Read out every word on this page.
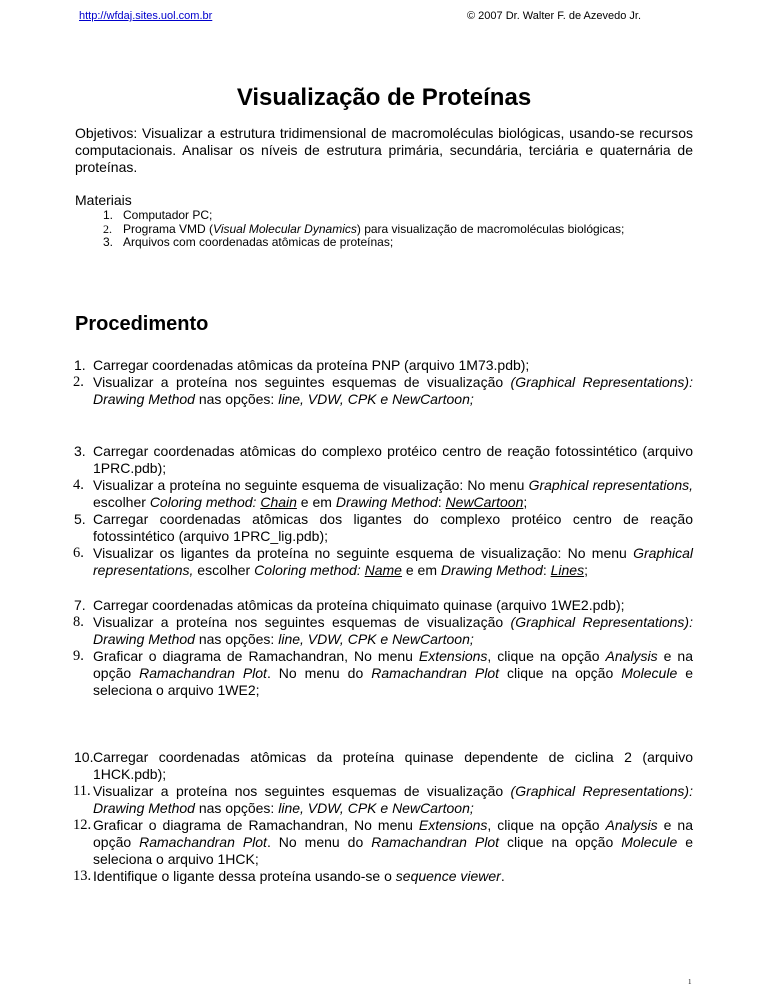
http://wfdaj.sites.uol.com.br	© 2007 Dr. Walter F. de Azevedo Jr.
Visualização de Proteínas
Objetivos: Visualizar a estrutura tridimensional de macromoléculas biológicas, usando-se recursos computacionais. Analisar os níveis de estrutura primária, secundária, terciária e quaternária de proteínas.
Materiais
1. Computador PC;
2. Programa VMD (Visual Molecular Dynamics) para visualização de macromoléculas biológicas;
3. Arquivos com coordenadas atômicas de proteínas;
Procedimento
1. Carregar coordenadas atômicas da proteína PNP (arquivo 1M73.pdb);
2. Visualizar a proteína nos seguintes esquemas de visualização (Graphical Representations): Drawing Method nas opções: line, VDW, CPK e NewCartoon;
3. Carregar coordenadas atômicas do complexo protéico centro de reação fotossintético (arquivo 1PRC.pdb);
4. Visualizar a proteína no seguinte esquema de visualização: No menu Graphical representations, escolher Coloring method: Chain e em Drawing Method: NewCartoon;
5. Carregar coordenadas atômicas dos ligantes do complexo protéico centro de reação fotossintético (arquivo 1PRC_lig.pdb);
6. Visualizar os ligantes da proteína no seguinte esquema de visualização: No menu Graphical representations, escolher Coloring method: Name e em Drawing Method: Lines;
7. Carregar coordenadas atômicas da proteína chiquimato quinase (arquivo 1WE2.pdb);
8. Visualizar a proteína nos seguintes esquemas de visualização (Graphical Representations): Drawing Method nas opções: line, VDW, CPK e NewCartoon;
9. Graficar o diagrama de Ramachandran, No menu Extensions, clique na opção Analysis e na opção Ramachandran Plot. No menu do Ramachandran Plot clique na opção Molecule e seleciona o arquivo 1WE2;
10. Carregar coordenadas atômicas da proteína quinase dependente de ciclina 2 (arquivo 1HCK.pdb);
11. Visualizar a proteína nos seguintes esquemas de visualização (Graphical Representations): Drawing Method nas opções: line, VDW, CPK e NewCartoon;
12. Graficar o diagrama de Ramachandran, No menu Extensions, clique na opção Analysis e na opção Ramachandran Plot. No menu do Ramachandran Plot clique na opção Molecule e seleciona o arquivo 1HCK;
13. Identifique o ligante dessa proteína usando-se o sequence viewer.
1
